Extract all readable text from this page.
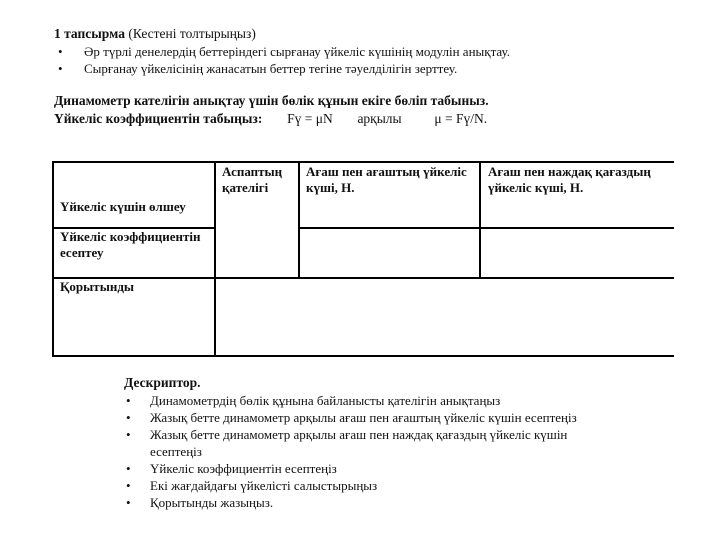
1 тапсырма (Кестені толтырыңыз)
• Әр түрлі денелердің беттеріндегі сырғанау үйкеліс күшінің модулін анықтау.
• Сырғанау үйкелісінің жанасатын беттер тегіне тәуелділігін зерттеу.
Динамометр кателігін анықтау үшін бөлік құнын екіге бөліп табыныз.
Үйкеліс коэффициентін табыңыз: Fү = μN арқылы μ = Fү/N.
Үйкеліс күшін өлшеу
Үйкеліс коэффициентін есептеу
Қорытынды
Аспаптың қателігі
Ағаш пен ағаштың үйкеліс күші, Н.
Ағаш пен наждақ қағаздың үйкеліс күші, Н.
Дескриптор.
• Динамометрдің бөлік құнына байланысты қателігін анықтаңыз
• Жазық бетте динамометр арқылы ағаш пен ағаштың үйкеліс күшін есептеңіз
• Жазық бетте динамометр арқылы ағаш пен наждақ қағаздың үйкеліс күшін есептеңіз
• Үйкеліс коэффициентін есептеңіз
• Екі жағдайдағы үйкелісті салыстырыңыз
• Қорытынды жазыңыз.
